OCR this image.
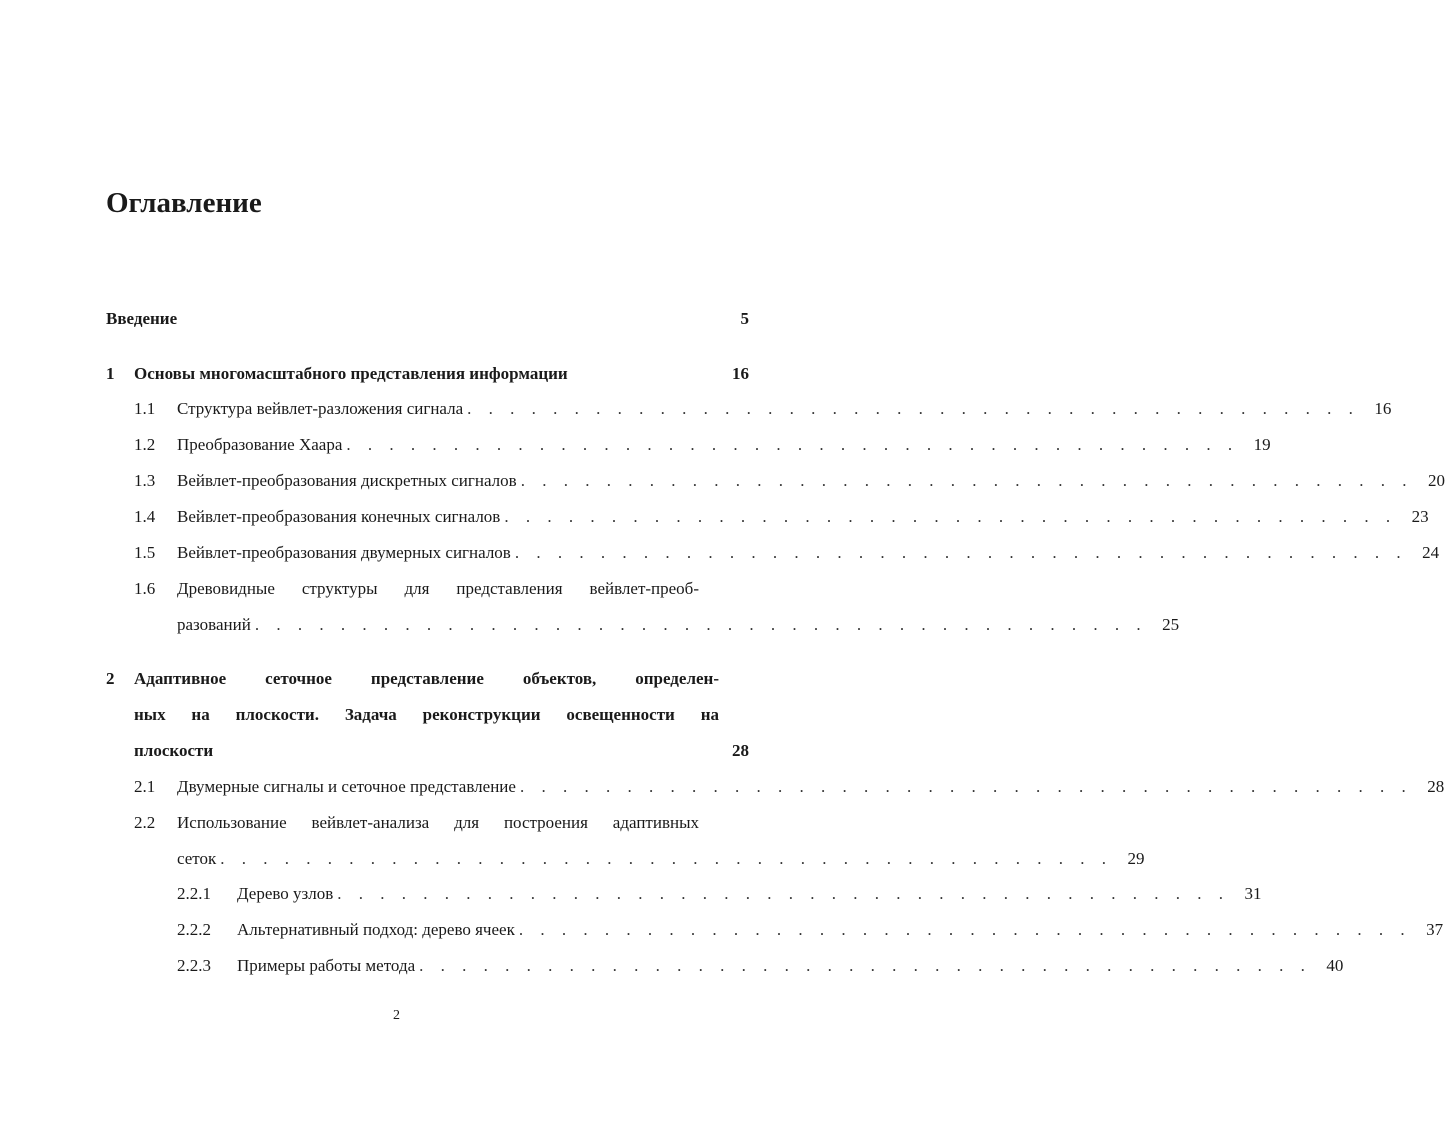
Оглавление
Введение	5
1	Основы многомасштабного представления информации	16
1.1	Структура вейвлет-разложения сигнала . . . . . . . . . . . . . . . . . . . . . . . . . . . . . . . . . . . . . . . . . . 16
1.2	Преобразование Хаара . . . . . . . . . . . . . . . . . . . . . . . . . . . . . . . . . . . . . . . . . . 19
1.3	Вейвлет-преобразования дискретных сигналов . . . . . . . . . . . . . . . . . . . . . . . . . . . . . . . . . . . . . . . . . . 20
1.4	Вейвлет-преобразования конечных сигналов . . . . . . . . . . . . . . . . . . . . . . . . . . . . . . . . . . . . . . . . . . 23
1.5	Вейвлет-преобразования двумерных сигналов . . . . . . . . . . . . . . . . . . . . . . . . . . . . . . . . . . . . . . . . . . 24
1.6	Древовидные структуры для представления вейвлет-преоб-
разований . . . . . . . . . . . . . . . . . . . . . . . . . . . . . . . . . . . . . . . . . . 25
2	Адаптивное сеточное представление объектов, определен-
ных на плоскости. Задача реконструкции освещенности на
плоскости	28
2.1	Двумерные сигналы и сеточное представление . . . . . . . . . . . . . . . . . . . . . . . . . . . . . . . . . . . . . . . . . . 28
2.2	Использование вейвлет-анализа для построения адаптивных
сеток . . . . . . . . . . . . . . . . . . . . . . . . . . . . . . . . . . . . . . . . . . 29
2.2.1	Дерево узлов . . . . . . . . . . . . . . . . . . . . . . . . . . . . . . . . . . . . . . . . . . 31
2.2.2	Альтернативный подход: дерево ячеек . . . . . . . . . . . . . . . . . . . . . . . . . . . . . . . . . . . . . . . . . . 37
2.2.3	Примеры работы метода . . . . . . . . . . . . . . . . . . . . . . . . . . . . . . . . . . . . . . . . . . 40
2
